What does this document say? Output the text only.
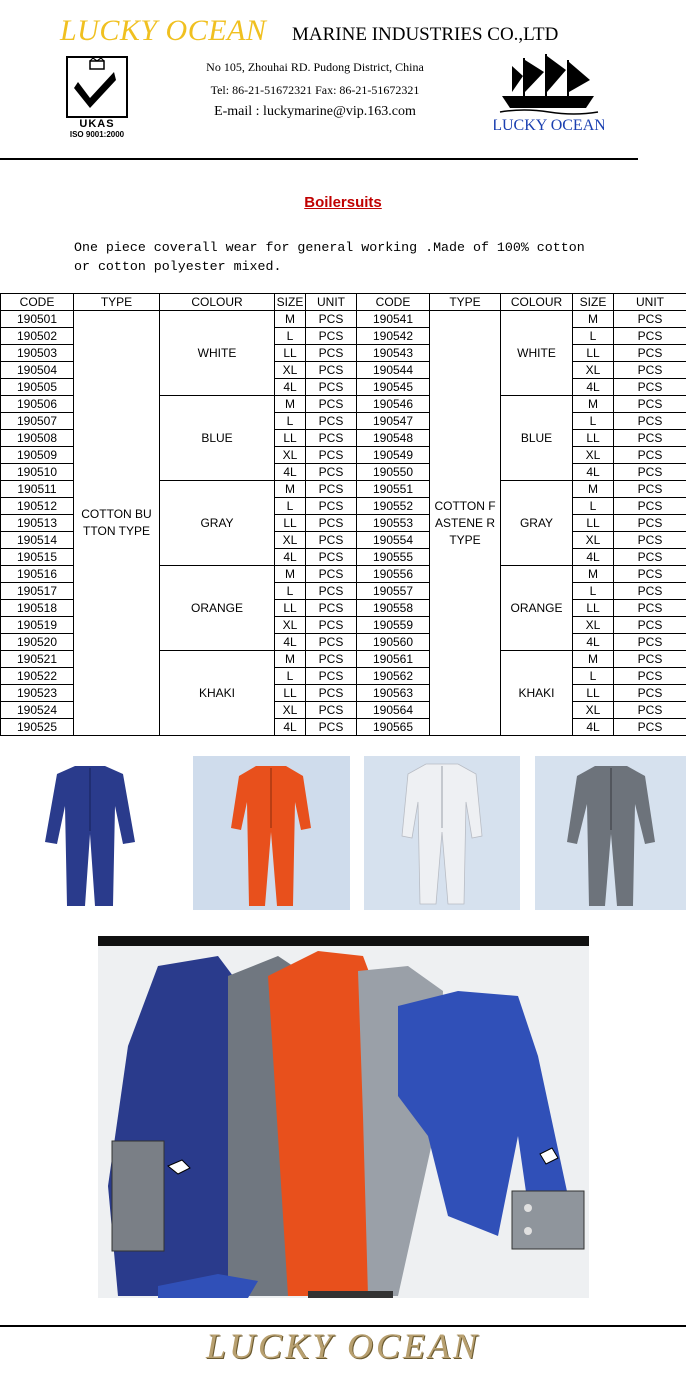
LUCKY OCEAN MARINE INDUSTRIES CO.,LTD
UKAS
ISO 9001:2000
No 105, Zhouhai RD. Pudong District, China
Tel: 86-21-51672321 Fax: 86-21-51672321
E-mail : luckymarine@vip.163.com
LUCKY OCEAN
Boilersuits
One piece coverall wear for general working .Made of 100% cotton
or cotton polyester mixed.
CODE	TYPE	COLOUR	SIZE	UNIT	CODE	TYPE	COLOUR	SIZE	UNIT
190501	COTTON BUTTON TYPE	WHITE	M	PCS	190541	COTTON FASTENE R TYPE	WHITE	M	PCS
190502			L	PCS	190542			L	PCS
190503			LL	PCS	190543			LL	PCS
190504			XL	PCS	190544			XL	PCS
190505			4L	PCS	190545			4L	PCS
190506		BLUE	M	PCS	190546		BLUE	M	PCS
190507			L	PCS	190547			L	PCS
190508			LL	PCS	190548			LL	PCS
190509			XL	PCS	190549			XL	PCS
190510			4L	PCS	190550			4L	PCS
190511		GRAY	M	PCS	190551		GRAY	M	PCS
190512			L	PCS	190552			L	PCS
190513			LL	PCS	190553			LL	PCS
190514			XL	PCS	190554			XL	PCS
190515			4L	PCS	190555			4L	PCS
190516		ORANGE	M	PCS	190556		ORANGE	M	PCS
190517			L	PCS	190557			L	PCS
190518			LL	PCS	190558			LL	PCS
190519			XL	PCS	190559			XL	PCS
190520			4L	PCS	190560			4L	PCS
190521		KHAKI	M	PCS	190561		KHAKI	M	PCS
190522			L	PCS	190562			L	PCS
190523			LL	PCS	190563			LL	PCS
190524			XL	PCS	190564			XL	PCS
190525			4L	PCS	190565			4L	PCS
LUCKY OCEAN
